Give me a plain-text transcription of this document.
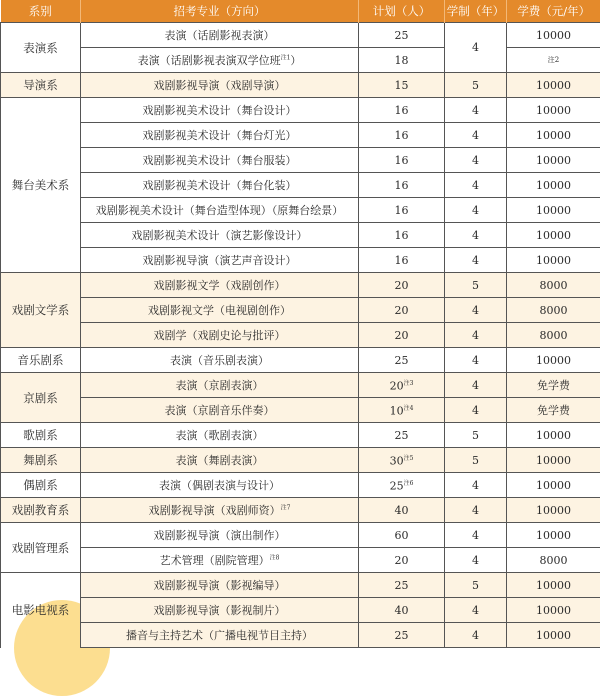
系别	招考专业（方向）	计划（人）	学制（年）	学费（元/年）
表演系	表演（话剧影视表演）	25	4	10000
	表演（话剧影视表演双学位班$^{注1}$）	18		注2
导演系	戏剧影视导演（戏剧导演）	15	5	10000
舞台美术系	戏剧影视美术设计（舞台设计）	16	4	10000
	戏剧影视美术设计（舞台灯光）	16	4	10000
	戏剧影视美术设计（舞台服装）	16	4	10000
	戏剧影视美术设计（舞台化装）	16	4	10000
	戏剧影视美术设计（舞台造型体现）（原舞台绘景）	16	4	10000
	戏剧影视美术设计（演艺影像设计）	16	4	10000
	戏剧影视导演（演艺声音设计）	16	4	10000
戏剧文学系	戏剧影视文学（戏剧创作）	20	5	8000
	戏剧影视文学（电视剧创作）	20	4	8000
	戏剧学（戏剧史论与批评）	20	4	8000
音乐剧系	表演（音乐剧表演）	25	4	10000
京剧系	表演（京剧表演）	20$^{注3}$	4	免学费
	表演（京剧音乐伴奏）	10$^{注4}$	4	免学费
歌剧系	表演（歌剧表演）	25	5	10000
舞剧系	表演（舞剧表演）	30$^{注5}$	5	10000
偶剧系	表演（偶剧表演与设计）	25$^{注6}$	4	10000
戏剧教育系	戏剧影视导演（戏剧师资）$^{注7}$	40	4	10000
戏剧管理系	戏剧影视导演（演出制作）	60	4	10000
	艺术管理（剧院管理）$^{注8}$	20	4	8000
电影电视系	戏剧影视导演（影视编导）	25	5	10000
	戏剧影视导演（影视制片）	40	4	10000
	播音与主持艺术（广播电视节目主持）	25	4	10000
